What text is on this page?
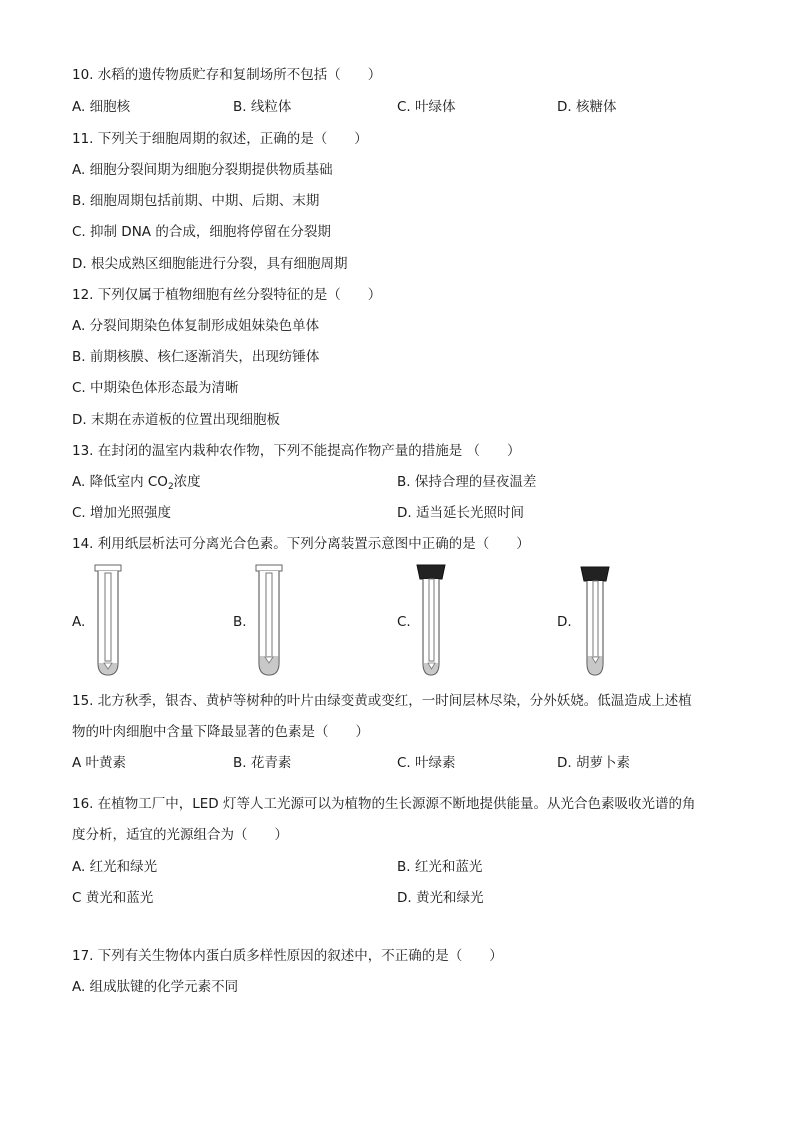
10. 水稻的遗传物质贮存和复制场所不包括（　　）
A. 细胞核	B. 线粒体	C. 叶绿体	D. 核糖体
11. 下列关于细胞周期的叙述，正确的是（　　）
A. 细胞分裂间期为细胞分裂期提供物质基础
B. 细胞周期包括前期、中期、后期、末期
C. 抑制 DNA 的合成，细胞将停留在分裂期
D. 根尖成熟区细胞能进行分裂，具有细胞周期
12. 下列仅属于植物细胞有丝分裂特征的是（　　）
A. 分裂间期染色体复制形成姐妹染色单体
B. 前期核膜、核仁逐渐消失，出现纺锤体
C. 中期染色体形态最为清晰
D. 末期在赤道板的位置出现细胞板
13. 在封闭的温室内栽种农作物，下列不能提高作物产量的措施是 （　　）
A. 降低室内 $CO_2$浓度	B. 保持合理的昼夜温差
C. 增加光照强度	D. 适当延长光照时间
14. 利用纸层析法可分离光合色素。下列分离装置示意图中正确的是（　　）
A.	B.	C.	D.
15. 北方秋季，银杏、黄栌等树种的叶片由绿变黄或变红，一时间层林尽染，分外妖娆。低温造成上述植
物的叶肉细胞中含量下降最显著的色素是（　　）
A 叶黄素	B. 花青素	C. 叶绿素	D. 胡萝卜素
16. 在植物工厂中，LED 灯等人工光源可以为植物的生长源源不断地提供能量。从光合色素吸收光谱的角
度分析，适宜的光源组合为（　　）
A. 红光和绿光	B. 红光和蓝光
C 黄光和蓝光	D. 黄光和绿光
17. 下列有关生物体内蛋白质多样性原因的叙述中，不正确的是（　　）
A. 组成肽键的化学元素不同
